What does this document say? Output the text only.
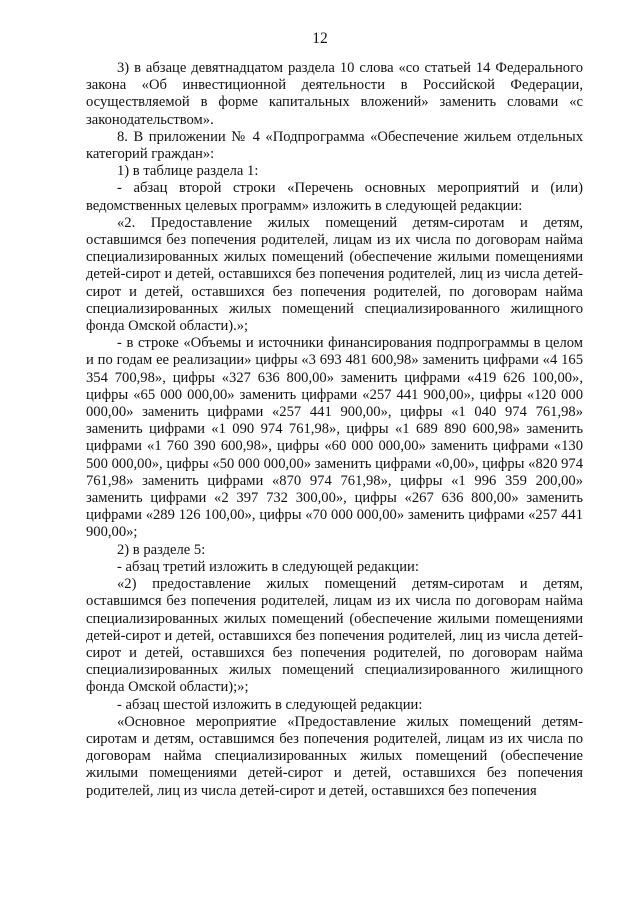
12

3) в абзаце девятнадцатом раздела 10 слова «со статьей 14 Федерального закона «Об инвестиционной деятельности в Российской Федерации, осуществляемой в форме капитальных вложений» заменить словами «с законодательством».

8. В приложении № 4 «Подпрограмма «Обеспечение жильем отдельных категорий граждан»:

1) в таблице раздела 1:

- абзац второй строки «Перечень основных мероприятий и (или) ведомственных целевых программ» изложить в следующей редакции:

«2. Предоставление жилых помещений детям-сиротам и детям, оставшимся без попечения родителей, лицам из их числа по договорам найма специализированных жилых помещений (обеспечение жилыми помещениями детей-сирот и детей, оставшихся без попечения родителей, лиц из числа детей-сирот и детей, оставшихся без попечения родителей, по договорам найма специализированных жилых помещений специализированного жилищного фонда Омской области).»;

- в строке «Объемы и источники финансирования подпрограммы в целом и по годам ее реализации» цифры «3 693 481 600,98» заменить цифрами «4 165 354 700,98», цифры «327 636 800,00» заменить цифрами «419 626 100,00», цифры «65 000 000,00» заменить цифрами «257 441 900,00», цифры «120 000 000,00» заменить цифрами «257 441 900,00», цифры «1 040 974 761,98» заменить цифрами «1 090 974 761,98», цифры «1 689 890 600,98» заменить цифрами «1 760 390 600,98», цифры «60 000 000,00» заменить цифрами «130 500 000,00», цифры «50 000 000,00» заменить цифрами «0,00», цифры «820 974 761,98» заменить цифрами «870 974 761,98», цифры «1 996 359 200,00» заменить цифрами «2 397 732 300,00», цифры «267 636 800,00» заменить цифрами «289 126 100,00», цифры «70 000 000,00» заменить цифрами «257 441 900,00»;

2) в разделе 5:

- абзац третий изложить в следующей редакции:

«2) предоставление жилых помещений детям-сиротам и детям, оставшимся без попечения родителей, лицам из их числа по договорам найма специализированных жилых помещений (обеспечение жилыми помещениями детей-сирот и детей, оставшихся без попечения родителей, лиц из числа детей-сирот и детей, оставшихся без попечения родителей, по договорам найма специализированных жилых помещений специализированного жилищного фонда Омской области);»;

- абзац шестой изложить в следующей редакции:

«Основное мероприятие «Предоставление жилых помещений детям-сиротам и детям, оставшимся без попечения родителей, лицам из их числа по договорам найма специализированных жилых помещений (обеспечение жилыми помещениями детей-сирот и детей, оставшихся без попечения родителей, лиц из числа детей-сирот и детей, оставшихся без попечения
